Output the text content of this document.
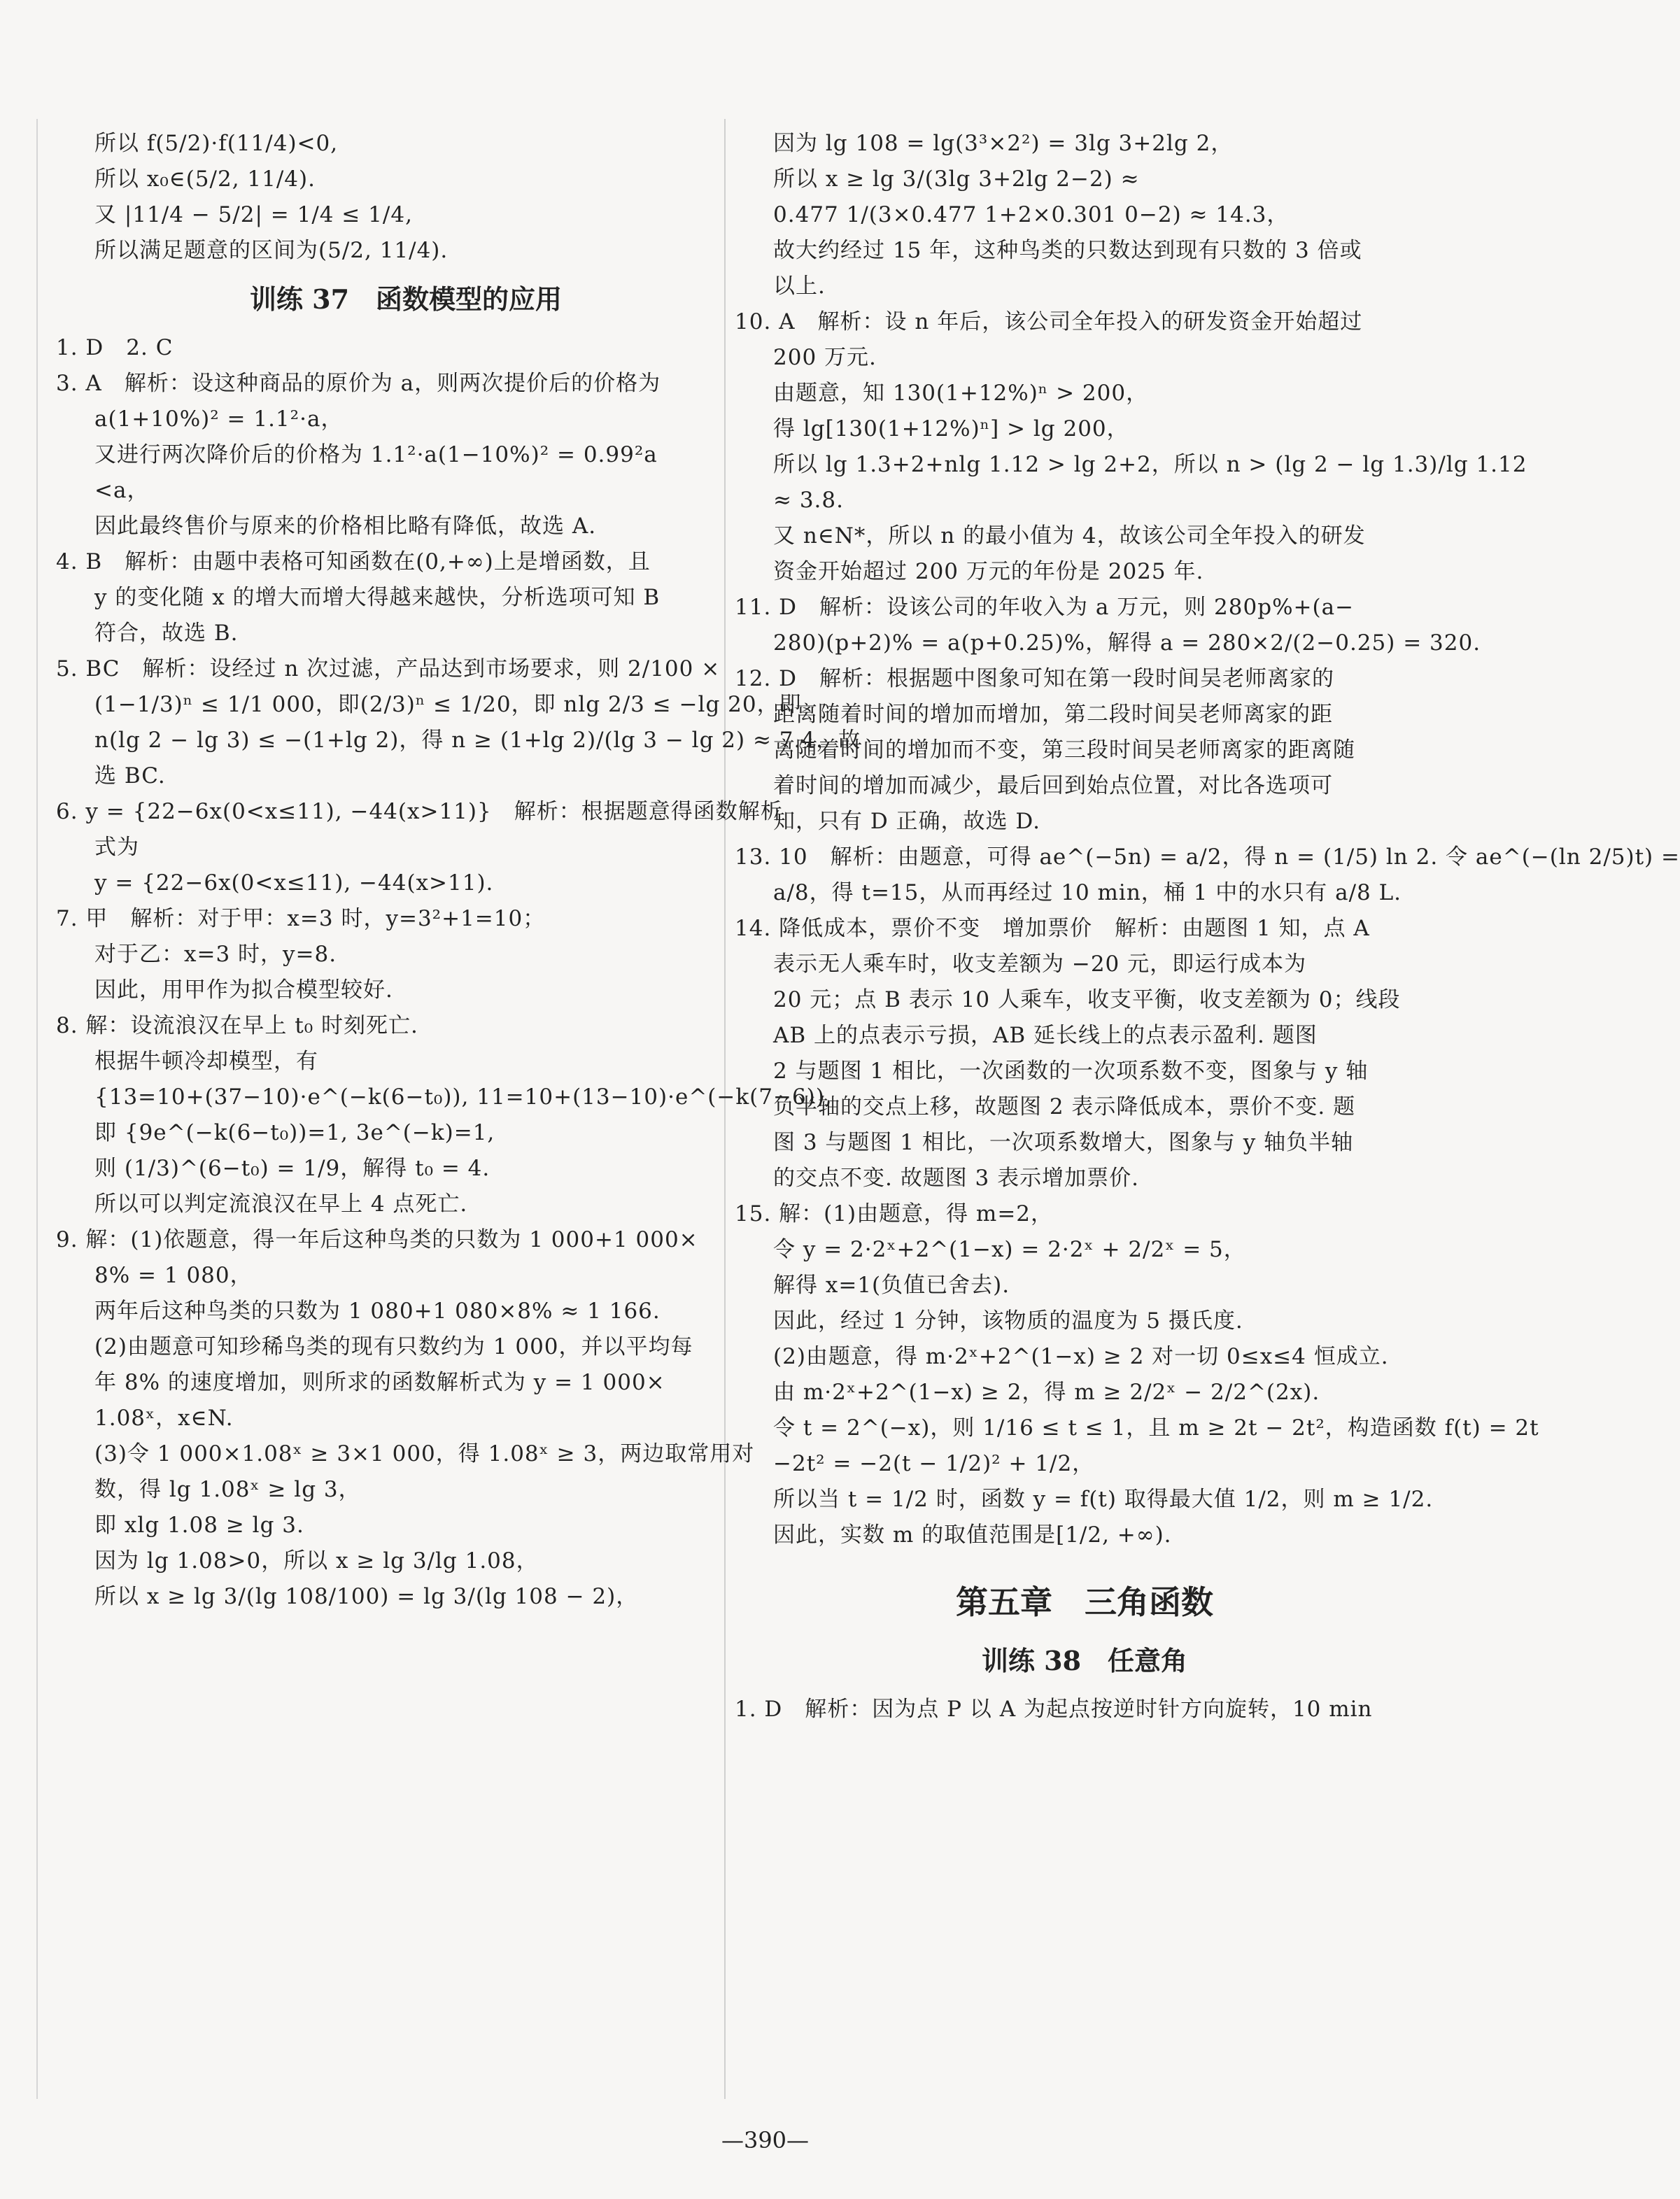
所以 f(5/2)·f(11/4)<0,
所以 x₀∈(5/2, 11/4).
又 |11/4 − 5/2| = 1/4 ≤ 1/4,
所以满足题意的区间为(5/2, 11/4).
训练 37　函数模型的应用
1. D　2. C
3. A　解析：设这种商品的原价为 a，则两次提价后的价格为
a(1+10%)² = 1.1²·a，
又进行两次降价后的价格为 1.1²·a(1−10%)² = 0.99²a
<a，
因此最终售价与原来的价格相比略有降低，故选 A.
4. B　解析：由题中表格可知函数在(0,+∞)上是增函数，且
y 的变化随 x 的增大而增大得越来越快，分析选项可知 B
符合，故选 B.
5. BC　解析：设经过 n 次过滤，产品达到市场要求，则 2/100 ×
(1−1/3)ⁿ ≤ 1/1 000，即(2/3)ⁿ ≤ 1/20，即 nlg 2/3 ≤ −lg 20，即
n(lg 2 − lg 3) ≤ −(1+lg 2)，得 n ≥ (1+lg 2)/(lg 3 − lg 2) ≈ 7.4，故
选 BC.
6. y = {22−6x(0<x≤11), −44(x>11)}　解析：根据题意得函数解析
式为
y = {22−6x(0<x≤11), −44(x>11).
7. 甲　解析：对于甲：x=3 时，y=3²+1=10；
对于乙：x=3 时，y=8.
因此，用甲作为拟合模型较好.
8. 解：设流浪汉在早上 t₀ 时刻死亡.
根据牛顿冷却模型，有
{13=10+(37−10)·e^(−k(6−t₀)), 11=10+(13−10)·e^(−k(7−6)),
即 {9e^(−k(6−t₀))=1, 3e^(−k)=1,
则 (1/3)^(6−t₀) = 1/9，解得 t₀ = 4.
所以可以判定流浪汉在早上 4 点死亡.
9. 解：(1)依题意，得一年后这种鸟类的只数为 1 000+1 000×
8% = 1 080，
两年后这种鸟类的只数为 1 080+1 080×8% ≈ 1 166.
(2)由题意可知珍稀鸟类的现有只数约为 1 000，并以平均每
年 8% 的速度增加，则所求的函数解析式为 y = 1 000×
1.08ˣ，x∈N.
(3)令 1 000×1.08ˣ ≥ 3×1 000，得 1.08ˣ ≥ 3，两边取常用对
数，得 lg 1.08ˣ ≥ lg 3，
即 xlg 1.08 ≥ lg 3.
因为 lg 1.08>0，所以 x ≥ lg 3/lg 1.08，
所以 x ≥ lg 3/(lg 108/100) = lg 3/(lg 108 − 2)，
因为 lg 108 = lg(3³×2²) = 3lg 3+2lg 2，
所以 x ≥ lg 3/(3lg 3+2lg 2−2) ≈
0.477 1/(3×0.477 1+2×0.301 0−2) ≈ 14.3，
故大约经过 15 年，这种鸟类的只数达到现有只数的 3 倍或
以上.
10. A　解析：设 n 年后，该公司全年投入的研发资金开始超过
200 万元.
由题意，知 130(1+12%)ⁿ > 200，
得 lg[130(1+12%)ⁿ] > lg 200，
所以 lg 1.3+2+nlg 1.12 > lg 2+2，所以 n > (lg 2 − lg 1.3)/lg 1.12
≈ 3.8.
又 n∈N*，所以 n 的最小值为 4，故该公司全年投入的研发
资金开始超过 200 万元的年份是 2025 年.
11. D　解析：设该公司的年收入为 a 万元，则 280p%+(a−
280)(p+2)% = a(p+0.25)%，解得 a = 280×2/(2−0.25) = 320.
12. D　解析：根据题中图象可知在第一段时间吴老师离家的
距离随着时间的增加而增加，第二段时间吴老师离家的距
离随着时间的增加而不变，第三段时间吴老师离家的距离随
着时间的增加而减少，最后回到始点位置，对比各选项可
知，只有 D 正确，故选 D.
13. 10　解析：由题意，可得 ae^(−5n) = a/2，得 n = (1/5) ln 2. 令 ae^(−(ln 2/5)t) =
a/8，得 t=15，从而再经过 10 min，桶 1 中的水只有 a/8 L.
14. 降低成本，票价不变　增加票价　解析：由题图 1 知，点 A
表示无人乘车时，收支差额为 −20 元，即运行成本为
20 元；点 B 表示 10 人乘车，收支平衡，收支差额为 0；线段
AB 上的点表示亏损，AB 延长线上的点表示盈利. 题图
2 与题图 1 相比，一次函数的一次项系数不变，图象与 y 轴
负半轴的交点上移，故题图 2 表示降低成本，票价不变. 题
图 3 与题图 1 相比，一次项系数增大，图象与 y 轴负半轴
的交点不变. 故题图 3 表示增加票价.
15. 解：(1)由题意，得 m=2，
令 y = 2·2ˣ+2^(1−x) = 2·2ˣ + 2/2ˣ = 5，
解得 x=1(负值已舍去).
因此，经过 1 分钟，该物质的温度为 5 摄氏度.
(2)由题意，得 m·2ˣ+2^(1−x) ≥ 2 对一切 0≤x≤4 恒成立.
由 m·2ˣ+2^(1−x) ≥ 2，得 m ≥ 2/2ˣ − 2/2^(2x).
令 t = 2^(−x)，则 1/16 ≤ t ≤ 1，且 m ≥ 2t − 2t²，构造函数 f(t) = 2t
−2t² = −2(t − 1/2)² + 1/2，
所以当 t = 1/2 时，函数 y = f(t) 取得最大值 1/2，则 m ≥ 1/2.
因此，实数 m 的取值范围是[1/2, +∞).
第五章　三角函数
训练 38　任意角
1. D　解析：因为点 P 以 A 为起点按逆时针方向旋转，10 min
—390—
